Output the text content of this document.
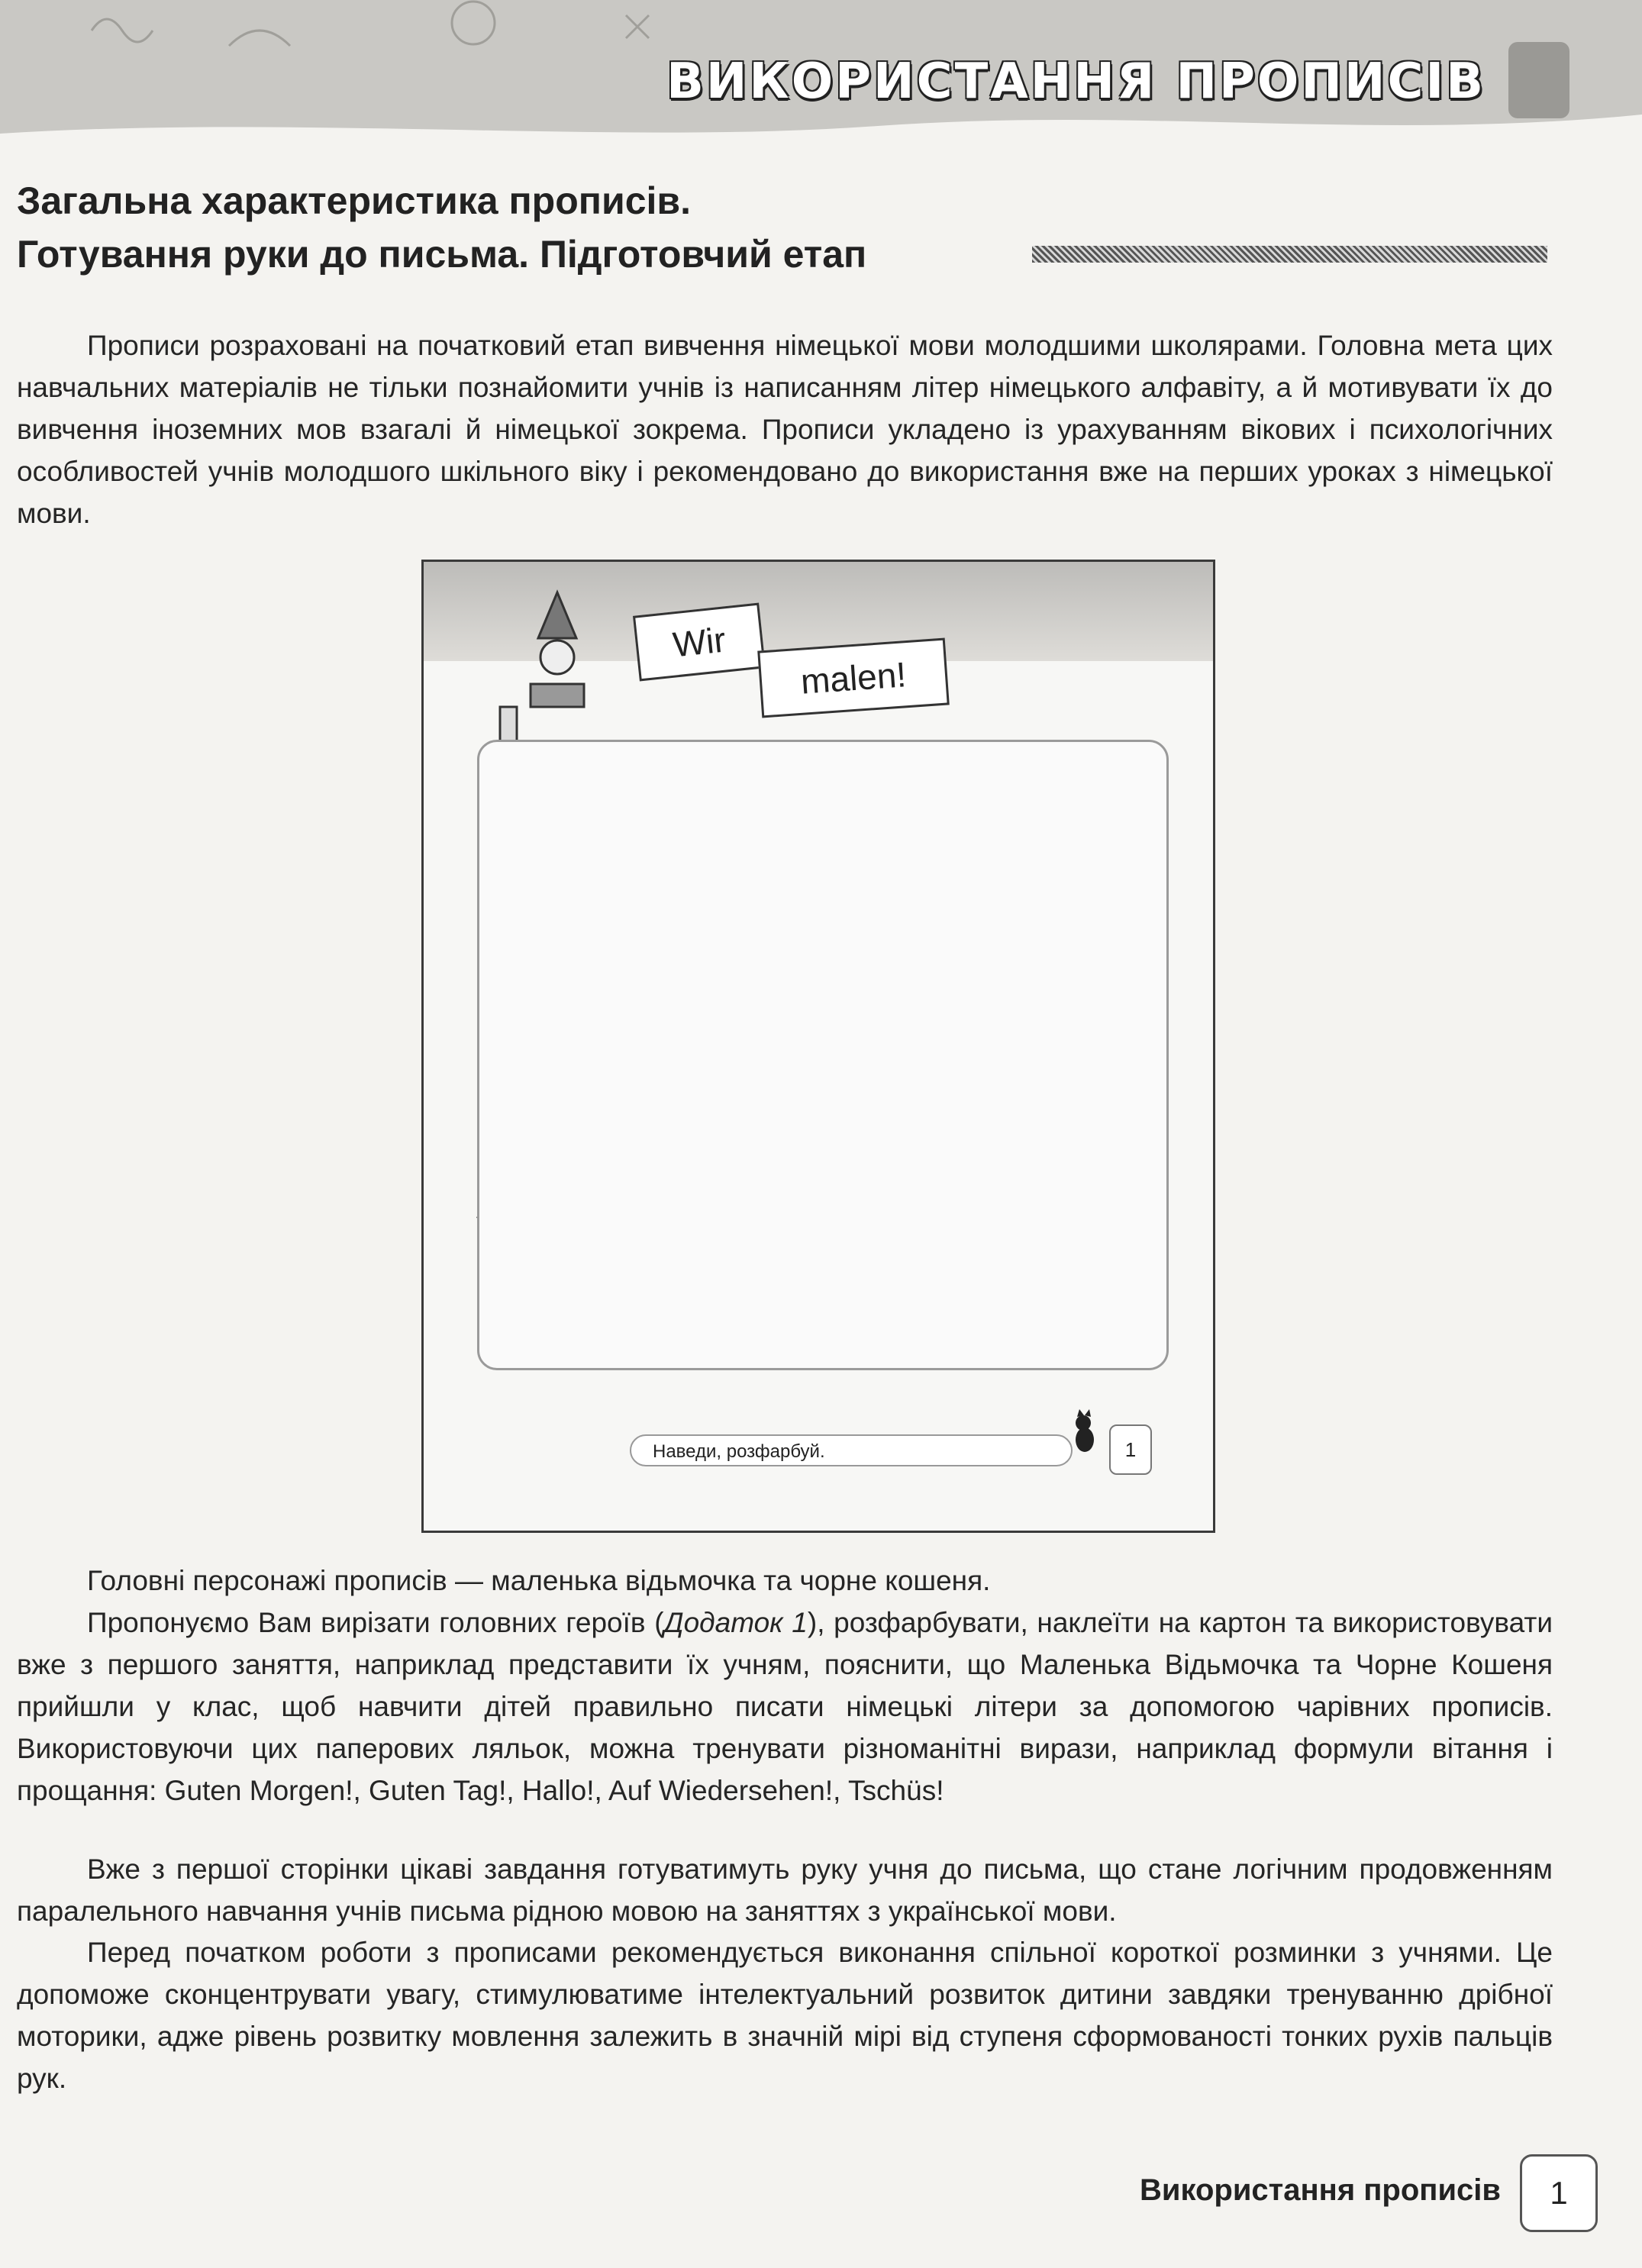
ВИКОРИСТАННЯ ПРОПИСІВ
Загальна характеристика прописів.
Готування руки до письма. Підготовчий етап

Прописи розраховані на початковий етап вивчення німецької мови молодшими школярами. Головна мета цих навчальних матеріалів не тільки познайомити учнів із написанням літер німецького алфавіту, а й мотивувати їх до вивчення іноземних мов взагалі й німецької зокрема. Прописи укладено із урахуванням вікових і психологічних особливостей учнів молодшого шкільного віку і рекомендовано до використання вже на перших уроках з німецької мови.

Wir
malen!
Наведи, розфарбуй.	1

Головні персонажі прописів — маленька відьмочка та чорне кошеня.

Пропонуємо Вам вирізати головних героїв (Додаток 1), розфарбувати, наклеїти на картон та використовувати вже з першого заняття, наприклад представити їх учням, пояснити, що Маленька Відьмочка та Чорне Кошеня прийшли у клас, щоб навчити дітей правильно писати німецькі літери за допомогою чарівних прописів. Використовуючи цих паперових ляльок, можна тренувати різноманітні вирази, наприклад формули вітання і прощання: Guten Morgen!, Guten Tag!, Hallo!, Auf Wiedersehen!, Tschüs!

Вже з першої сторінки цікаві завдання готуватимуть руку учня до письма, що стане логічним продовженням паралельного навчання учнів письма рідною мовою на заняттях з української мови.

Перед початком роботи з прописами рекомендується виконання спільної короткої розминки з учнями. Це допоможе сконцентрувати увагу, стимулюватиме інтелектуальний розвиток дитини завдяки тренуванню дрібної моторики, адже рівень розвитку мовлення залежить в значній мірі від ступеня сформованості тонких рухів пальців рук.

Використання прописів	1
